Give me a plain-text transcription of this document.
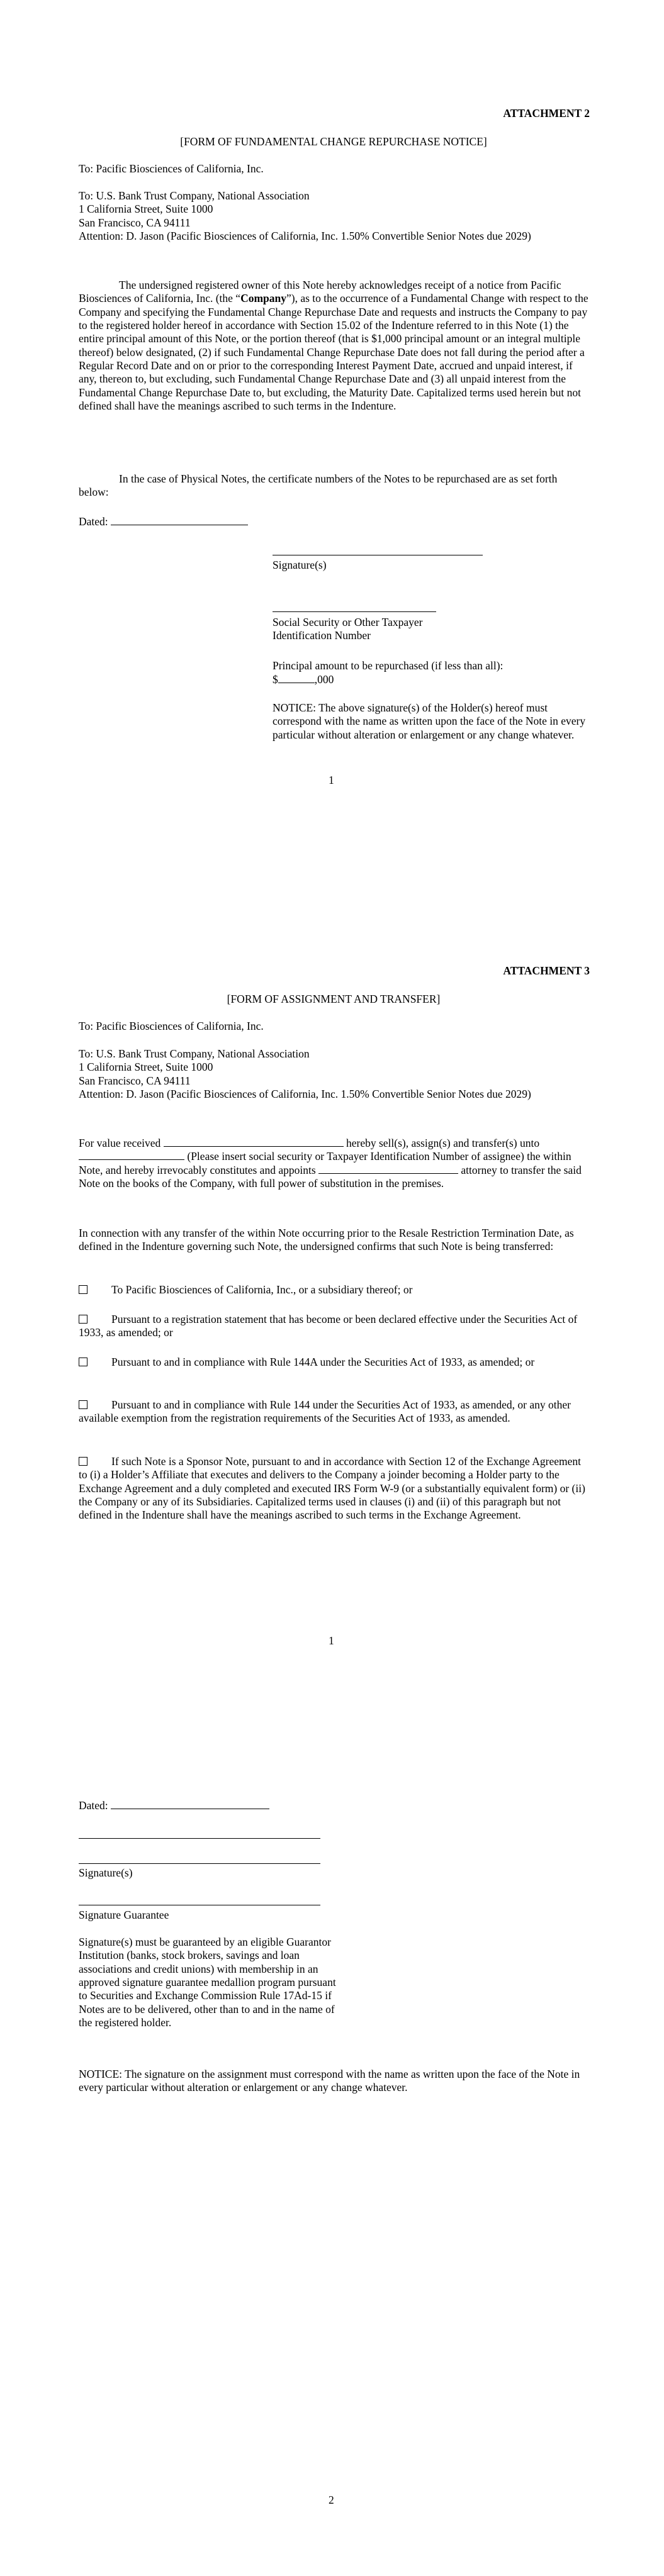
ATTACHMENT 2
[FORM OF FUNDAMENTAL CHANGE REPURCHASE NOTICE]

To: Pacific Biosciences of California, Inc.

To: U.S. Bank Trust Company, National Association
1 California Street, Suite 1000
San Francisco, CA 94111
Attention: D. Jason (Pacific Biosciences of California, Inc. 1.50% Convertible Senior Notes due 2029)

The undersigned registered owner of this Note hereby acknowledges receipt of a notice from Pacific Biosciences of California, Inc. (the “Company”), as to the occurrence of a Fundamental Change with respect to the Company and specifying the Fundamental Change Repurchase Date and requests and instructs the Company to pay to the registered holder hereof in accordance with Section 15.02 of the Indenture referred to in this Note (1) the entire principal amount of this Note, or the portion thereof (that is $1,000 principal amount or an integral multiple thereof) below designated, (2) if such Fundamental Change Repurchase Date does not fall during the period after a Regular Record Date and on or prior to the corresponding Interest Payment Date, accrued and unpaid interest, if any, thereon to, but excluding, such Fundamental Change Repurchase Date and (3) all unpaid interest from the Fundamental Change Repurchase Date to, but excluding, the Maturity Date. Capitalized terms used herein but not defined shall have the meanings ascribed to such terms in the Indenture.

In the case of Physical Notes, the certificate numbers of the Notes to be repurchased are as set forth below:

Dated:
Signature(s)
Social Security or Other Taxpayer
Identification Number
Principal amount to be repurchased (if less than all):
$	,000

NOTICE: The above signature(s) of the Holder(s) hereof must correspond with the name as written upon the face of the Note in every particular without alteration or enlargement or any change whatever.

1
ATTACHMENT 3
[FORM OF ASSIGNMENT AND TRANSFER]

To: Pacific Biosciences of California, Inc.

To: U.S. Bank Trust Company, National Association
1 California Street, Suite 1000
San Francisco, CA 94111
Attention: D. Jason (Pacific Biosciences of California, Inc. 1.50% Convertible Senior Notes due 2029)

For value received	hereby sell(s), assign(s) and transfer(s) unto  (Please insert social security or Taxpayer Identification Number of assignee) the within Note, and hereby irrevocably constitutes and appoints	attorney to transfer the said Note on the books of the Company, with full power of substitution in the premises.

In connection with any transfer of the within Note occurring prior to the Resale Restriction Termination Date, as defined in the Indenture governing such Note, the undersigned confirms that such Note is being transferred:

To Pacific Biosciences of California, Inc., or a subsidiary thereof; or

Pursuant to a registration statement that has become or been declared effective under the Securities Act of 1933, as amended; or

Pursuant to and in compliance with Rule 144A under the Securities Act of 1933, as amended; or

Pursuant to and in compliance with Rule 144 under the Securities Act of 1933, as amended, or any other available exemption from the registration requirements of the Securities Act of 1933, as amended.

If such Note is a Sponsor Note, pursuant to and in accordance with Section 12 of the Exchange Agreement to (i) a Holder’s Affiliate that executes and delivers to the Company a joinder becoming a Holder party to the Exchange Agreement and a duly completed and executed IRS Form W-9 (or a substantially equivalent form) or (ii) the Company or any of its Subsidiaries. Capitalized terms used in clauses (i) and (ii) of this paragraph but not defined in the Indenture shall have the meanings ascribed to such terms in the Exchange Agreement.

1
Dated:
Signature(s)
Signature Guarantee

Signature(s) must be guaranteed by an eligible Guarantor Institution (banks, stock brokers, savings and loan associations and credit unions) with membership in an approved signature guarantee medallion program pursuant to Securities and Exchange Commission Rule 17Ad-15 if Notes are to be delivered, other than to and in the name of the registered holder.

NOTICE: The signature on the assignment must correspond with the name as written upon the face of the Note in every particular without alteration or enlargement or any change whatever.

2
